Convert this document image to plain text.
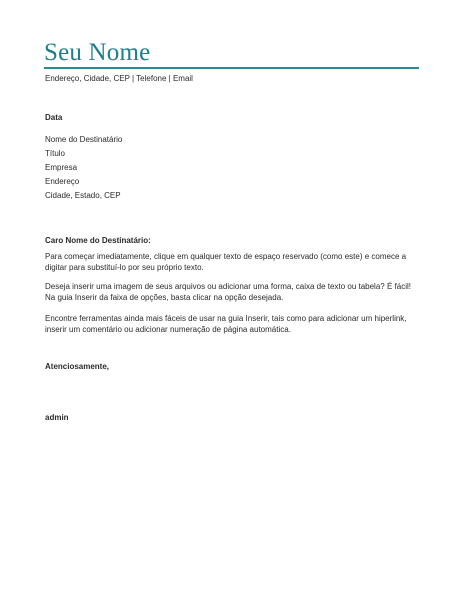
Seu Nome
Endereço, Cidade, CEP | Telefone | Email
Data
Nome do Destinatário
Título
Empresa
Endereço
Cidade, Estado, CEP
Caro Nome do Destinatário:
Para começar imediatamente, clique em qualquer texto de espaço reservado (como este) e comece a
digitar para substituí-lo por seu próprio texto.
Deseja inserir uma imagem de seus arquivos ou adicionar uma forma, caixa de texto ou tabela? É fácil!
Na guia Inserir da faixa de opções, basta clicar na opção desejada.
Encontre ferramentas ainda mais fáceis de usar na guia Inserir, tais como para adicionar um hiperlink,
inserir um comentário ou adicionar numeração de página automática.
Atenciosamente,
admin
